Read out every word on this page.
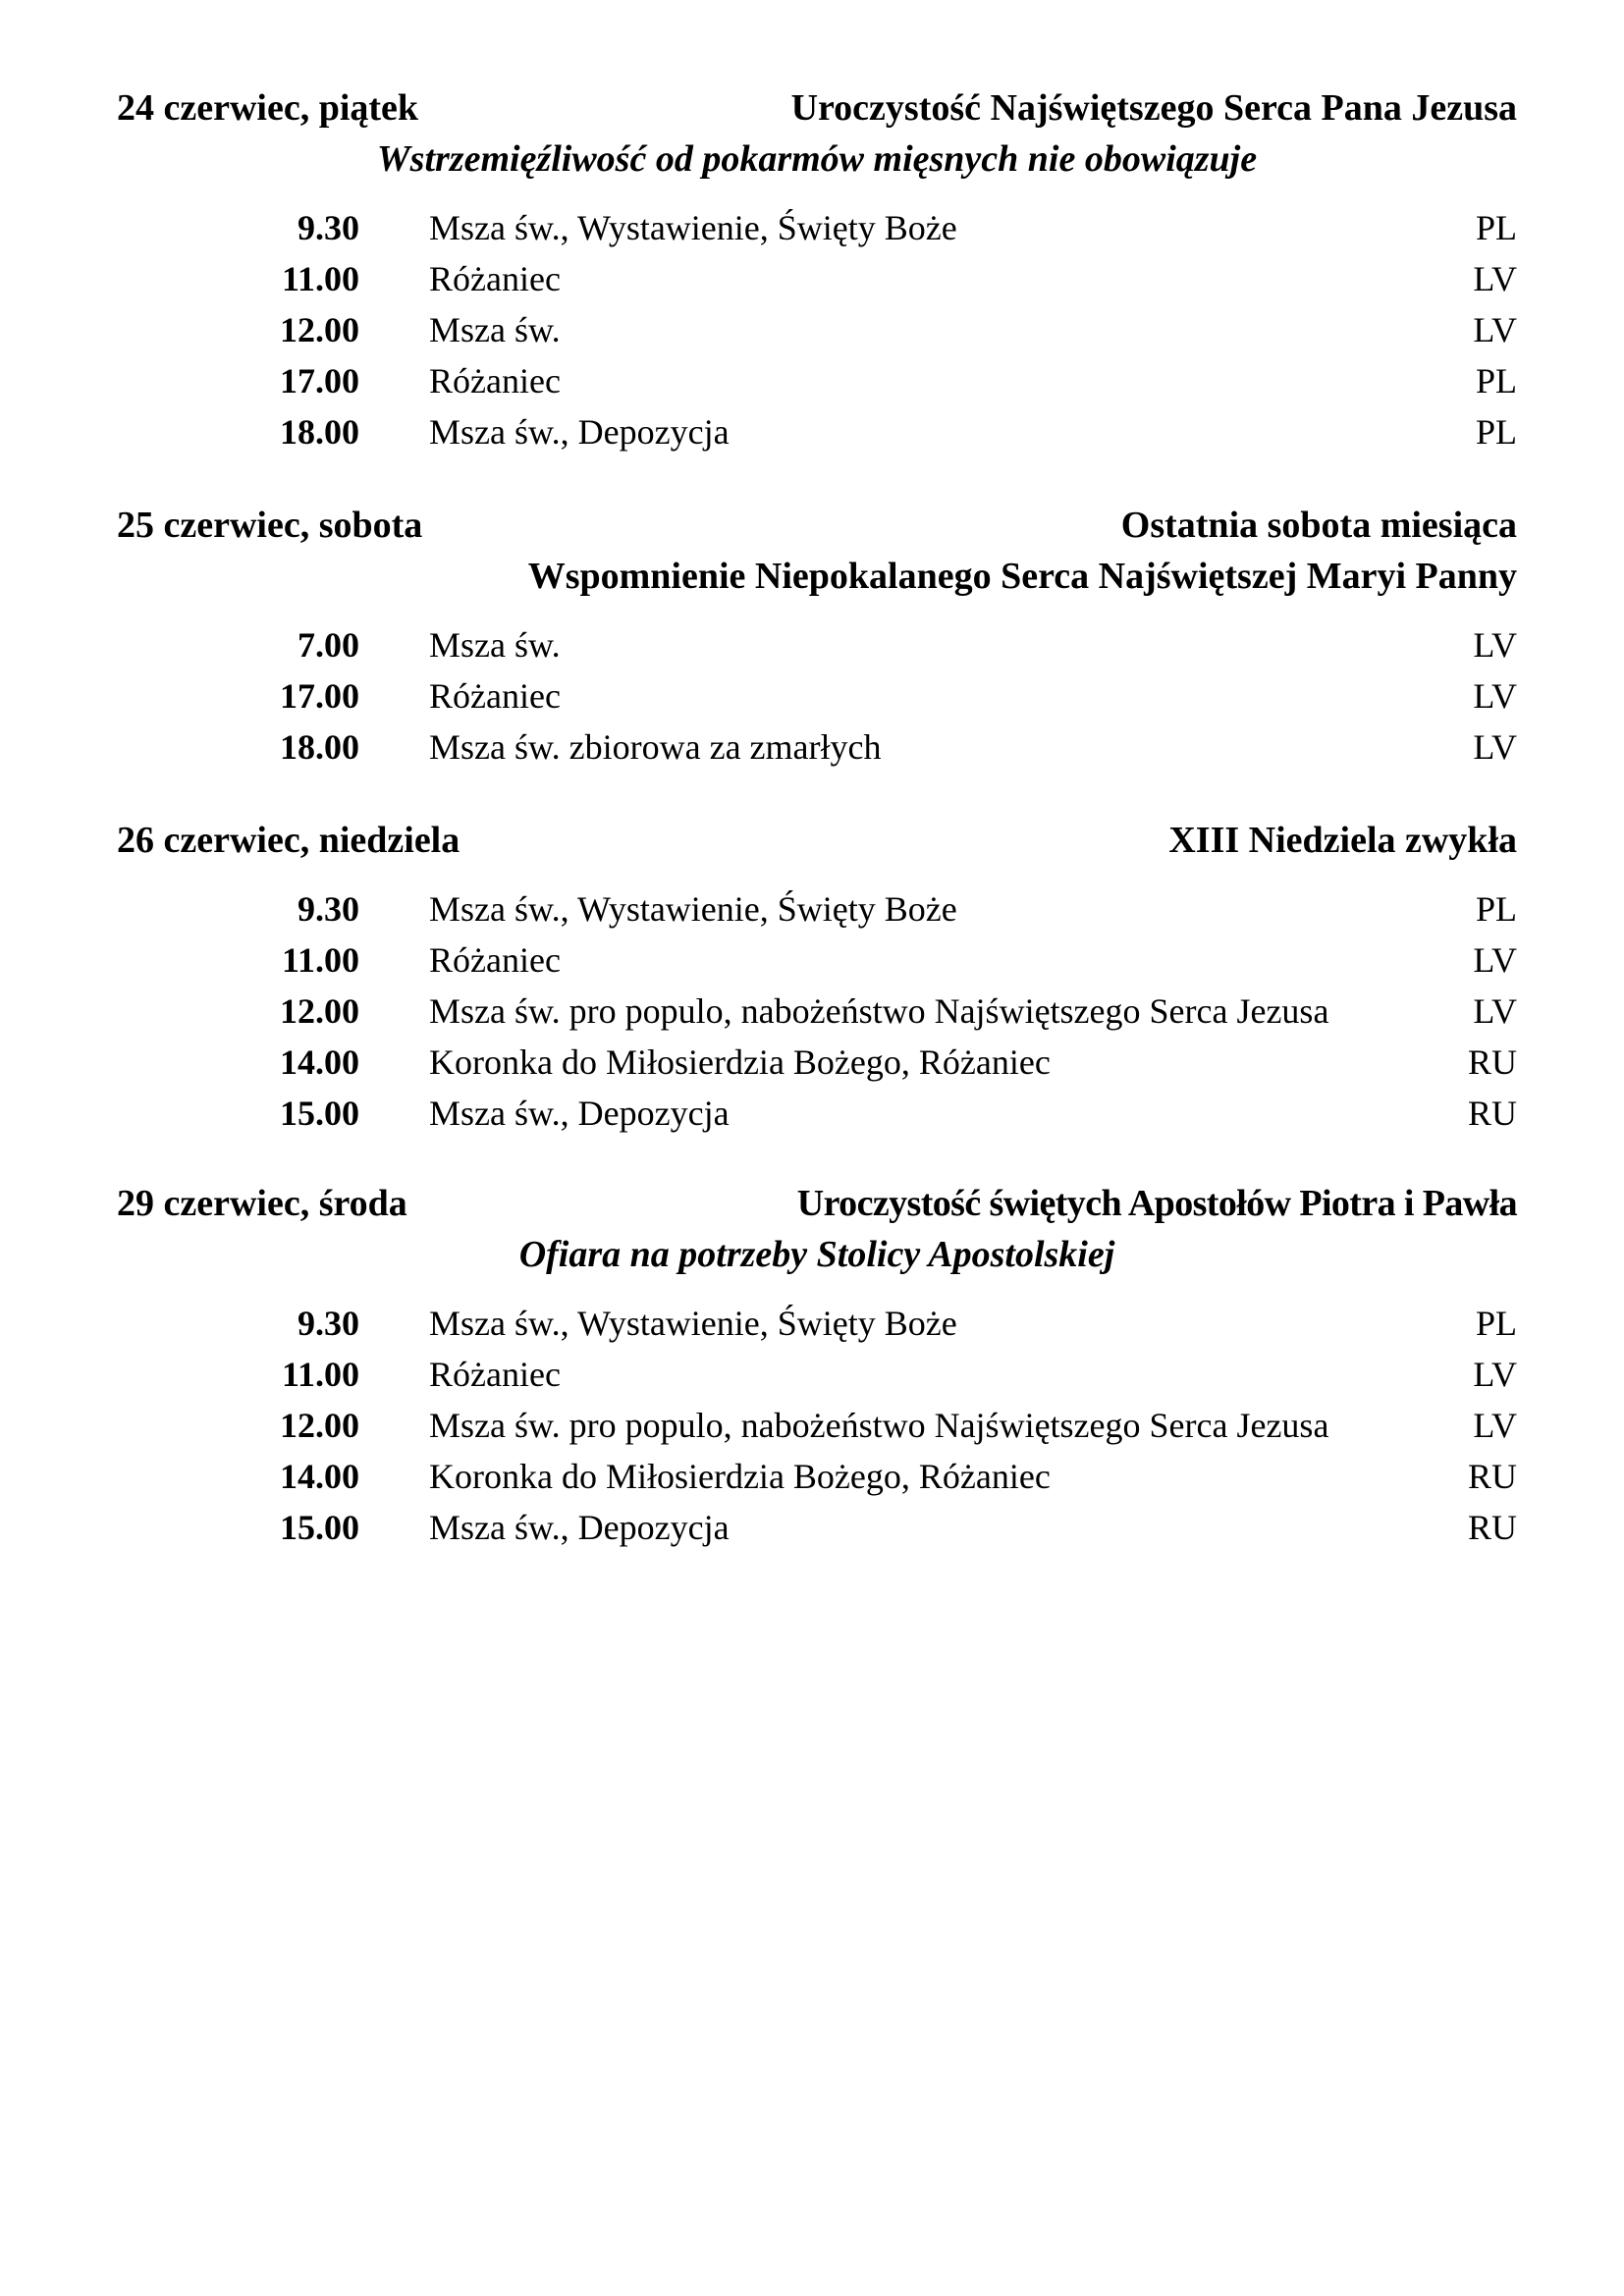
24 czerwiec, piątek	Uroczystość Najświętszego Serca Pana Jezusa
Wstrzemięźliwość od pokarmów mięsnych nie obowiązuje
9.30 Msza św., Wystawienie, Święty Boże	PL
11.00 Różaniec	LV
12.00 Msza św.	LV
17.00 Różaniec	PL
18.00 Msza św., Depozycja	PL
25 czerwiec, sobota	Ostatnia sobota miesiąca
Wspomnienie Niepokalanego Serca Najświętszej Maryi Panny
7.00 Msza św.	LV
17.00 Różaniec	LV
18.00 Msza św. zbiorowa za zmarłych	LV
26 czerwiec, niedziela	XIII Niedziela zwykła
9.30 Msza św., Wystawienie, Święty Boże	PL
11.00 Różaniec	LV
12.00 Msza św. pro populo, nabożeństwo Najświętszego Serca Jezusa	LV
14.00 Koronka do Miłosierdzia Bożego, Różaniec	RU
15.00 Msza św., Depozycja	RU
29 czerwiec, środa	Uroczystość świętych Apostołów Piotra i Pawła
Ofiara na potrzeby Stolicy Apostolskiej
9.30 Msza św., Wystawienie, Święty Boże	PL
11.00 Różaniec	LV
12.00 Msza św. pro populo, nabożeństwo Najświętszego Serca Jezusa	LV
14.00 Koronka do Miłosierdzia Bożego, Różaniec	RU
15.00 Msza św., Depozycja	RU
